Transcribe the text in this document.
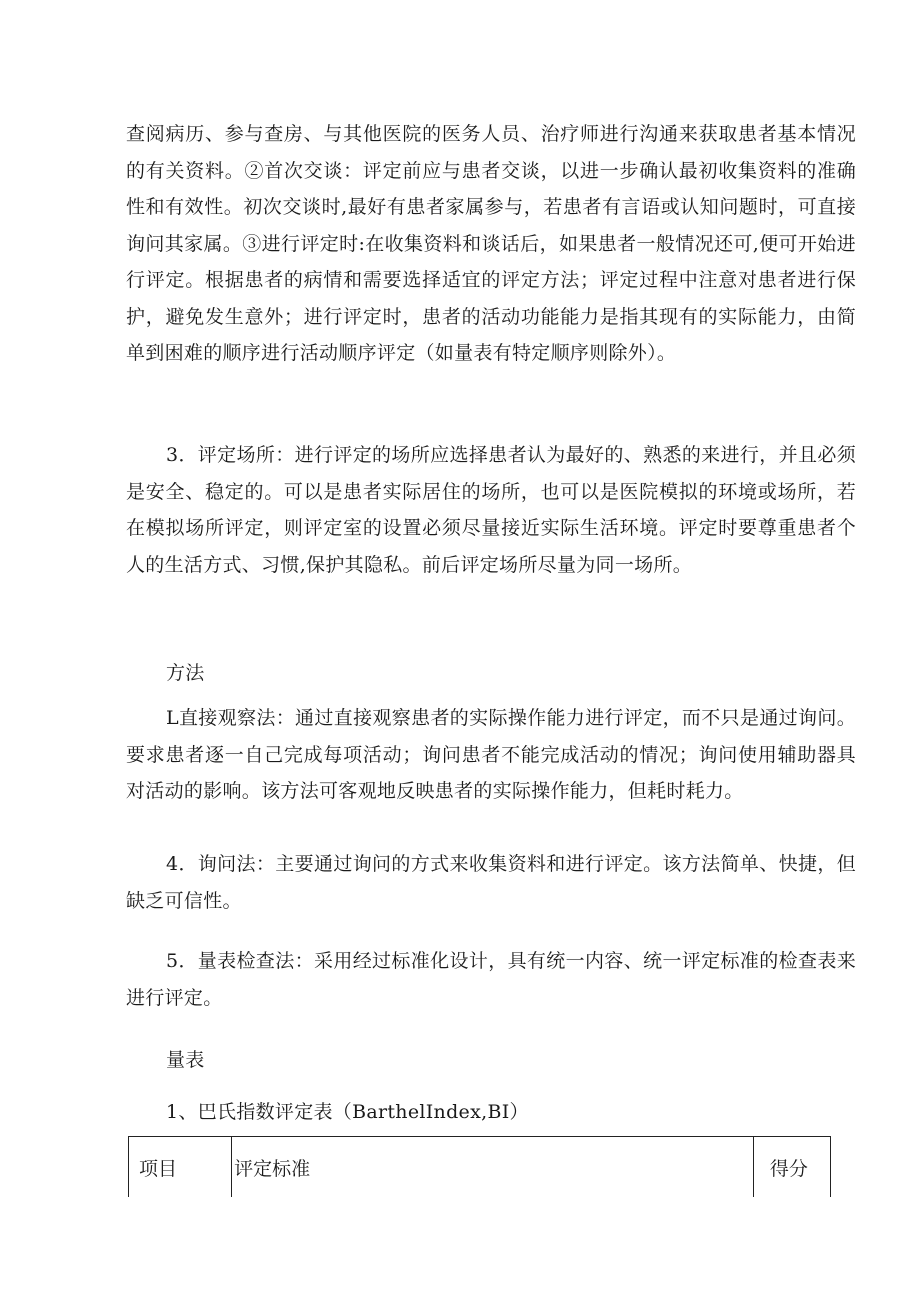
查阅病历、参与查房、与其他医院的医务人员、治疗师进行沟通来获取患者基本情况的有关资料。②首次交谈：评定前应与患者交谈，以进一步确认最初收集资料的准确性和有效性。初次交谈时,最好有患者家属参与，若患者有言语或认知问题时，可直接询问其家属。③进行评定时:在收集资料和谈话后，如果患者一般情况还可,便可开始进行评定。根据患者的病情和需要选择适宜的评定方法；评定过程中注意对患者进行保护，避免发生意外；进行评定时，患者的活动功能能力是指其现有的实际能力，由简单到困难的顺序进行活动顺序评定（如量表有特定顺序则除外）。

3．评定场所：进行评定的场所应选择患者认为最好的、熟悉的来进行，并且必须是安全、稳定的。可以是患者实际居住的场所，也可以是医院模拟的环境或场所，若在模拟场所评定，则评定室的设置必须尽量接近实际生活环境。评定时要尊重患者个人的生活方式、习惯,保护其隐私。前后评定场所尽量为同一场所。

方法

L直接观察法：通过直接观察患者的实际操作能力进行评定，而不只是通过询问。要求患者逐一自己完成每项活动；询问患者不能完成活动的情况；询问使用辅助器具对活动的影响。该方法可客观地反映患者的实际操作能力，但耗时耗力。

4．询问法：主要通过询问的方式来收集资料和进行评定。该方法简单、快捷，但缺乏可信性。

5．量表检查法：采用经过标准化设计，具有统一内容、统一评定标准的检查表来进行评定。

量表

1、巴氏指数评定表（BarthelIndex,BI）

项目	评定标准	得分
